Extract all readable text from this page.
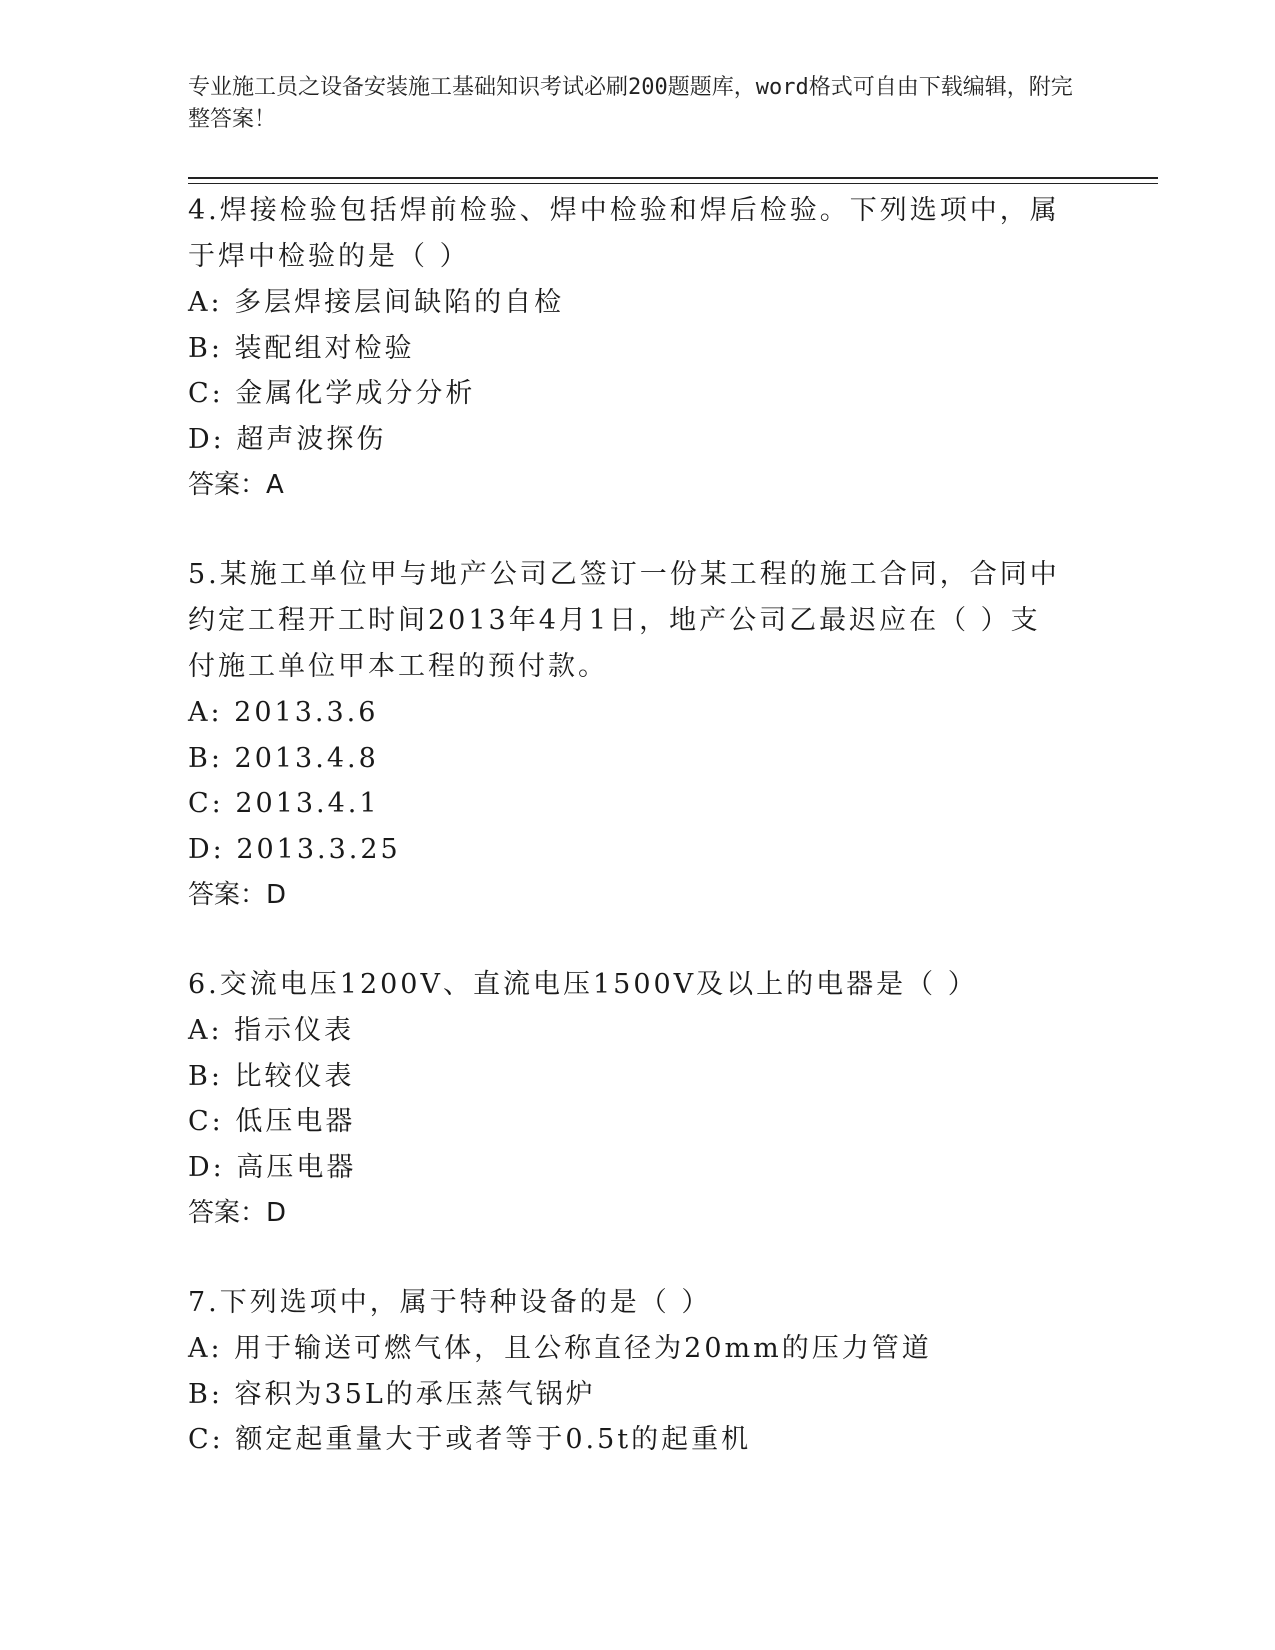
专业施工员之设备安装施工基础知识考试必刷200题题库，word格式可自由下载编辑，附完整答案！

4.焊接检验包括焊前检验、焊中检验和焊后检验。下列选项中，属于焊中检验的是（ ）

A: 多层焊接层间缺陷的自检

B: 装配组对检验

C: 金属化学成分分析

D: 超声波探伤

答案：A

5.某施工单位甲与地产公司乙签订一份某工程的施工合同，合同中约定工程开工时间2013年4月1日，地产公司乙最迟应在（ ）支付施工单位甲本工程的预付款。

A: 2013.3.6

B: 2013.4.8

C: 2013.4.1

D: 2013.3.25

答案：D

6.交流电压1200V、直流电压1500V及以上的电器是（ ）

A: 指示仪表

B: 比较仪表

C: 低压电器

D: 高压电器

答案：D

7.下列选项中，属于特种设备的是（ ）

A: 用于输送可燃气体，且公称直径为20mm的压力管道

B: 容积为35L的承压蒸气锅炉

C: 额定起重量大于或者等于0.5t的起重机
